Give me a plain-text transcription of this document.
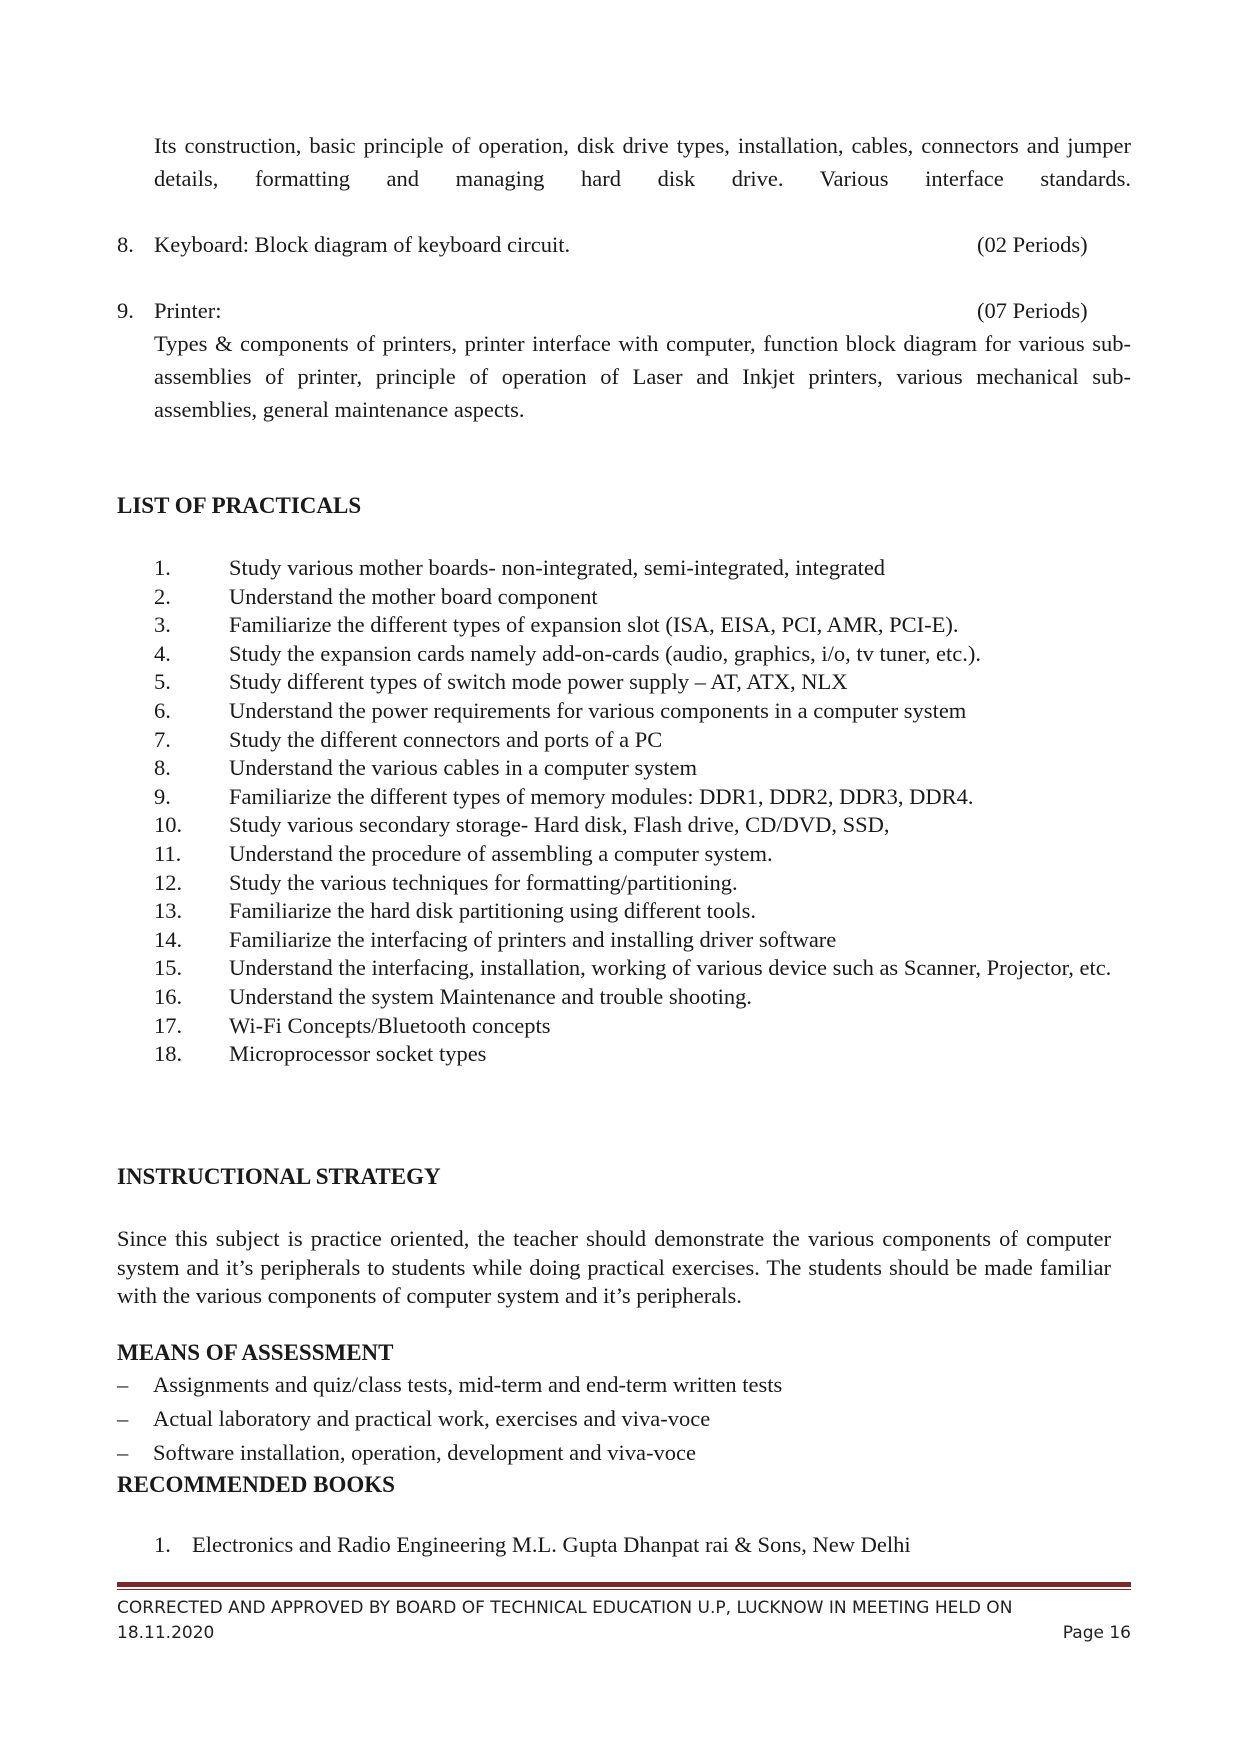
Its construction, basic principle of operation, disk drive types, installation, cables, connectors and jumper details, formatting and managing hard disk drive. Various interface standards.
8. Keyboard: Block diagram of keyboard circuit.	(02 Periods)
9. Printer:	(07 Periods)
Types & components of printers, printer interface with computer, function block diagram for various sub- assemblies of printer, principle of operation of Laser and Inkjet printers, various mechanical sub- assemblies, general maintenance aspects.
LIST OF PRACTICALS
1.	Study various mother boards- non-integrated, semi-integrated, integrated
2.	Understand the mother board component
3.	Familiarize the different types of expansion slot (ISA, EISA, PCI, AMR, PCI-E).
4.	Study the expansion cards namely add-on-cards (audio, graphics, i/o, tv tuner, etc.).
5.	Study different types of switch mode power supply – AT, ATX, NLX
6.	Understand the power requirements for various components in a computer system
7.	Study the different connectors and ports of a PC
8.	Understand the various cables in a computer system
9.	Familiarize the different types of memory modules: DDR1, DDR2, DDR3, DDR4.
10. Study various secondary storage- Hard disk, Flash drive, CD/DVD, SSD,
11. Understand the procedure of assembling a computer system.
12. Study the various techniques for formatting/partitioning.
13. Familiarize the hard disk partitioning using different tools.
14. Familiarize the interfacing of printers and installing driver software
15. Understand the interfacing, installation, working of various device such as Scanner, Projector, etc.
16. Understand the system Maintenance and trouble shooting.
17. Wi-Fi Concepts/Bluetooth concepts
18. Microprocessor socket types
INSTRUCTIONAL STRATEGY
Since this subject is practice oriented, the teacher should demonstrate the various components of computer system and it’s peripherals to students while doing practical exercises. The students should be made familiar with the various components of computer system and it’s peripherals.
MEANS OF ASSESSMENT
– Assignments and quiz/class tests, mid-term and end-term written tests
– Actual laboratory and practical work, exercises and viva-voce
– Software installation, operation, development and viva-voce
RECOMMENDED BOOKS
1. Electronics and Radio Engineering M.L. Gupta Dhanpat rai & Sons, New Delhi
CORRECTED AND APPROVED BY BOARD OF TECHNICAL EDUCATION U.P, LUCKNOW IN MEETING HELD ON
18.11.2020	Page 16
